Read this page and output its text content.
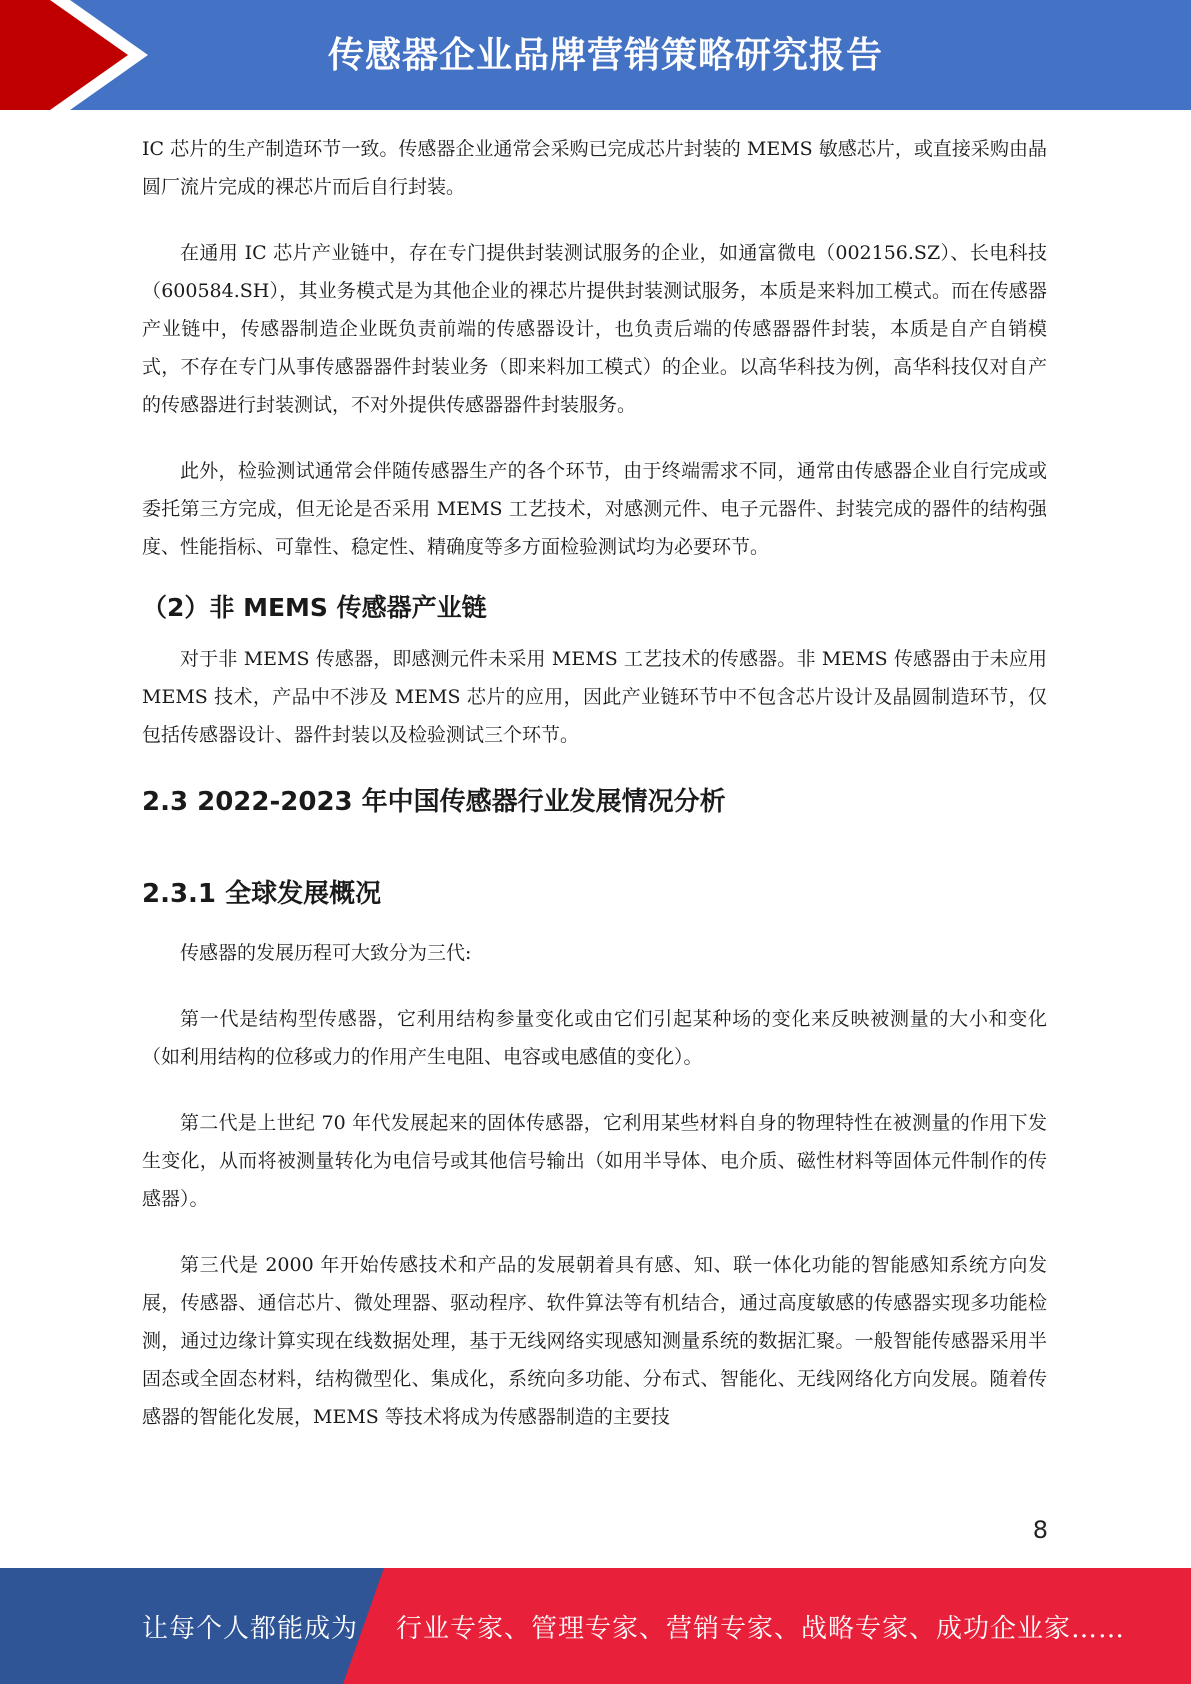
传感器企业品牌营销策略研究报告

IC 芯片的生产制造环节一致。传感器企业通常会采购已完成芯片封装的 MEMS 敏感芯片，或直接采购由晶圆厂流片完成的裸芯片而后自行封装。

在通用 IC 芯片产业链中，存在专门提供封装测试服务的企业，如通富微电（002156.SZ）、长电科技（600584.SH），其业务模式是为其他企业的裸芯片提供封装测试服务，本质是来料加工模式。而在传感器产业链中，传感器制造企业既负责前端的传感器设计，也负责后端的传感器器件封装，本质是自产自销模式，不存在专门从事传感器器件封装业务（即来料加工模式）的企业。以高华科技为例，高华科技仅对自产的传感器进行封装测试，不对外提供传感器器件封装服务。

此外，检验测试通常会伴随传感器生产的各个环节，由于终端需求不同，通常由传感器企业自行完成或委托第三方完成，但无论是否采用 MEMS 工艺技术，对感测元件、电子元器件、封装完成的器件的结构强度、性能指标、可靠性、稳定性、精确度等多方面检验测试均为必要环节。

（2）非 MEMS 传感器产业链

对于非 MEMS 传感器，即感测元件未采用 MEMS 工艺技术的传感器。非 MEMS 传感器由于未应用 MEMS 技术，产品中不涉及 MEMS 芯片的应用，因此产业链环节中不包含芯片设计及晶圆制造环节，仅包括传感器设计、器件封装以及检验测试三个环节。

2.3 2022-2023 年中国传感器行业发展情况分析
2.3.1 全球发展概况

传感器的发展历程可大致分为三代:

第一代是结构型传感器，它利用结构参量变化或由它们引起某种场的变化来反映被测量的大小和变化（如利用结构的位移或力的作用产生电阻、电容或电感值的变化）。

第二代是上世纪 70 年代发展起来的固体传感器，它利用某些材料自身的物理特性在被测量的作用下发生变化，从而将被测量转化为电信号或其他信号输出（如用半导体、电介质、磁性材料等固体元件制作的传感器）。

第三代是 2000 年开始传感技术和产品的发展朝着具有感、知、联一体化功能的智能感知系统方向发展，传感器、通信芯片、微处理器、驱动程序、软件算法等有机结合，通过高度敏感的传感器实现多功能检测，通过边缘计算实现在线数据处理，基于无线网络实现感知测量系统的数据汇聚。一般智能传感器采用半固态或全固态材料，结构微型化、集成化，系统向多功能、分布式、智能化、无线网络化方向发展。随着传感器的智能化发展，MEMS 等技术将成为传感器制造的主要技

8
让每个人都能成为 行业专家、管理专家、营销专家、战略专家、成功企业家……
